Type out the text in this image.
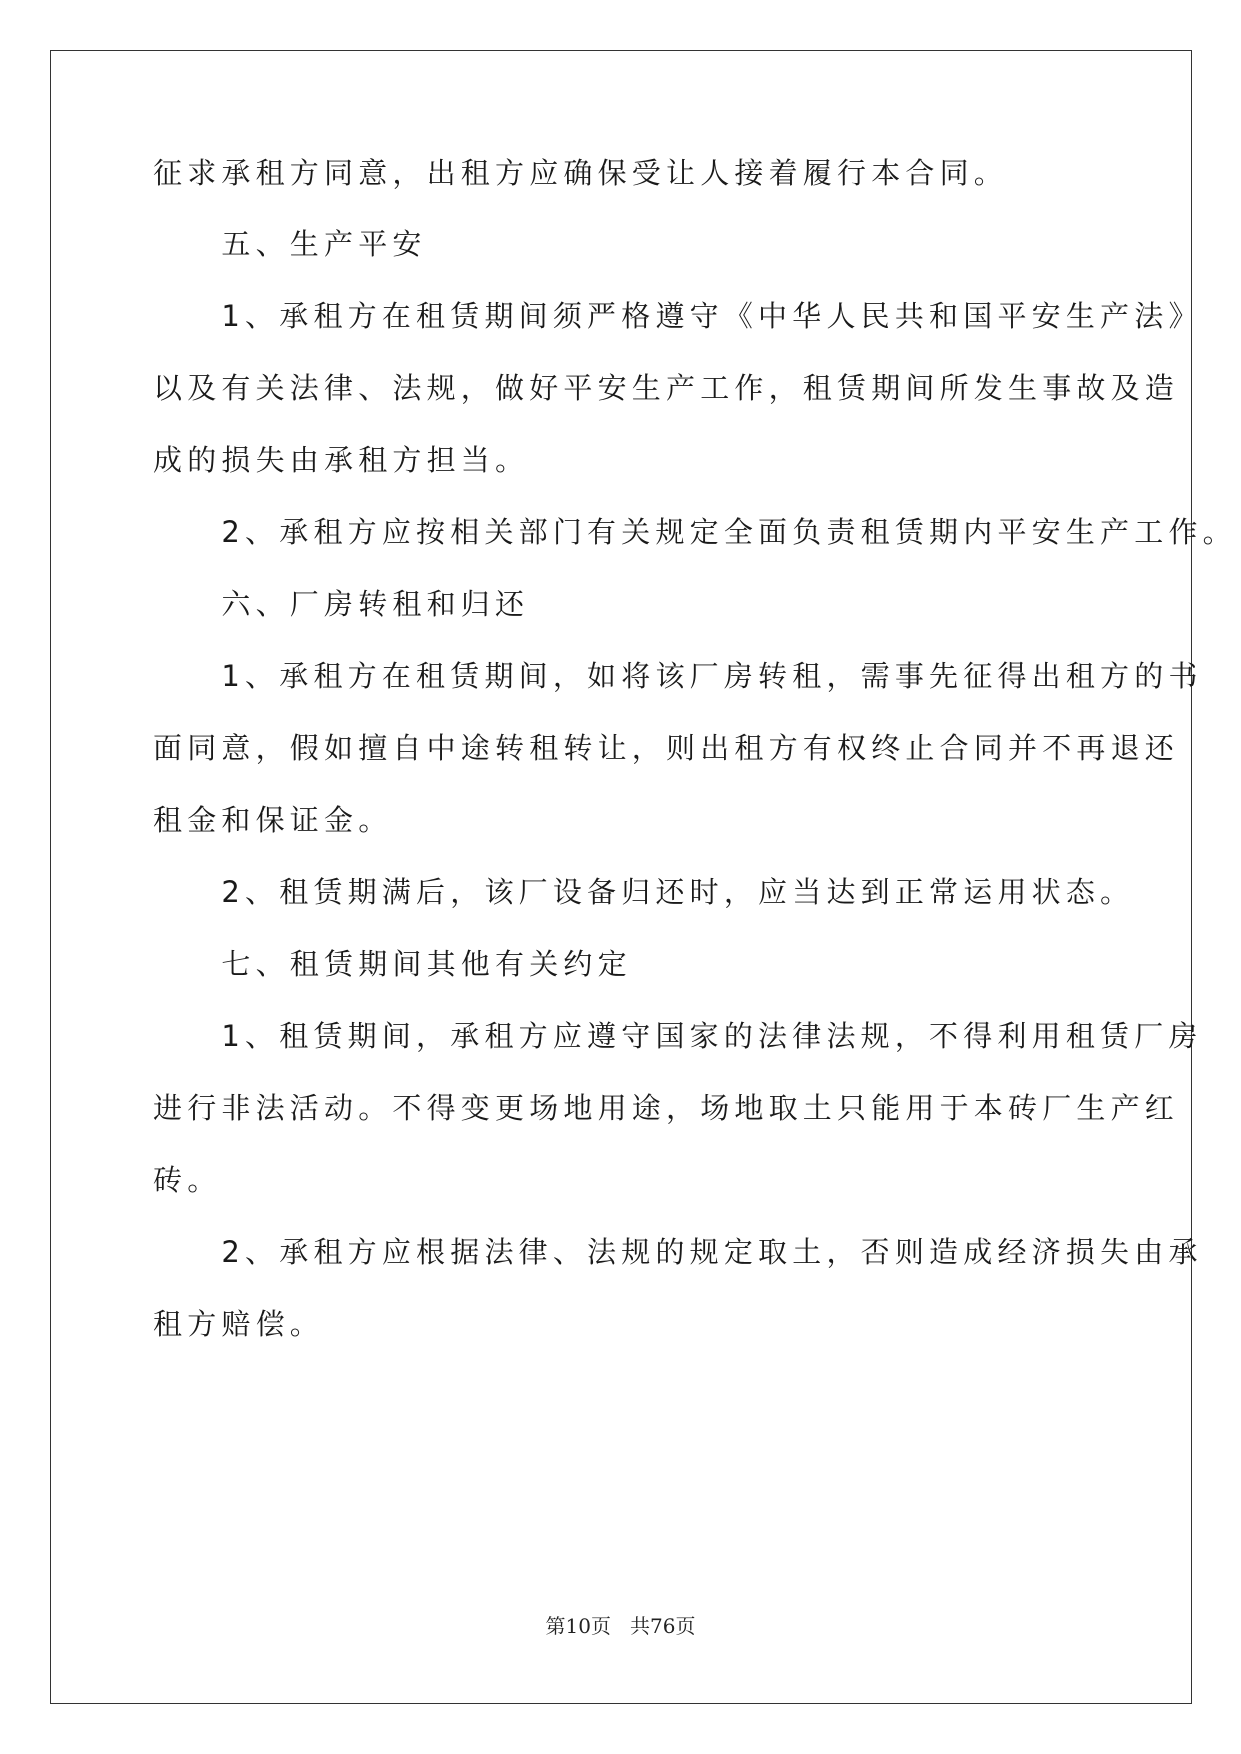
征求承租方同意，出租方应确保受让人接着履行本合同。
　　五、生产平安
　　1、承租方在租赁期间须严格遵守《中华人民共和国平安生产法》
以及有关法律、法规，做好平安生产工作，租赁期间所发生事故及造
成的损失由承租方担当。
　　2、承租方应按相关部门有关规定全面负责租赁期内平安生产工作。
　　六、厂房转租和归还
　　1、承租方在租赁期间，如将该厂房转租，需事先征得出租方的书
面同意，假如擅自中途转租转让，则出租方有权终止合同并不再退还
租金和保证金。
　　2、租赁期满后，该厂设备归还时，应当达到正常运用状态。
　　七、租赁期间其他有关约定
　　1、租赁期间，承租方应遵守国家的法律法规，不得利用租赁厂房
进行非法活动。不得变更场地用途，场地取土只能用于本砖厂生产红
砖。
　　2、承租方应根据法律、法规的规定取土，否则造成经济损失由承
租方赔偿。
第10页 共76页
